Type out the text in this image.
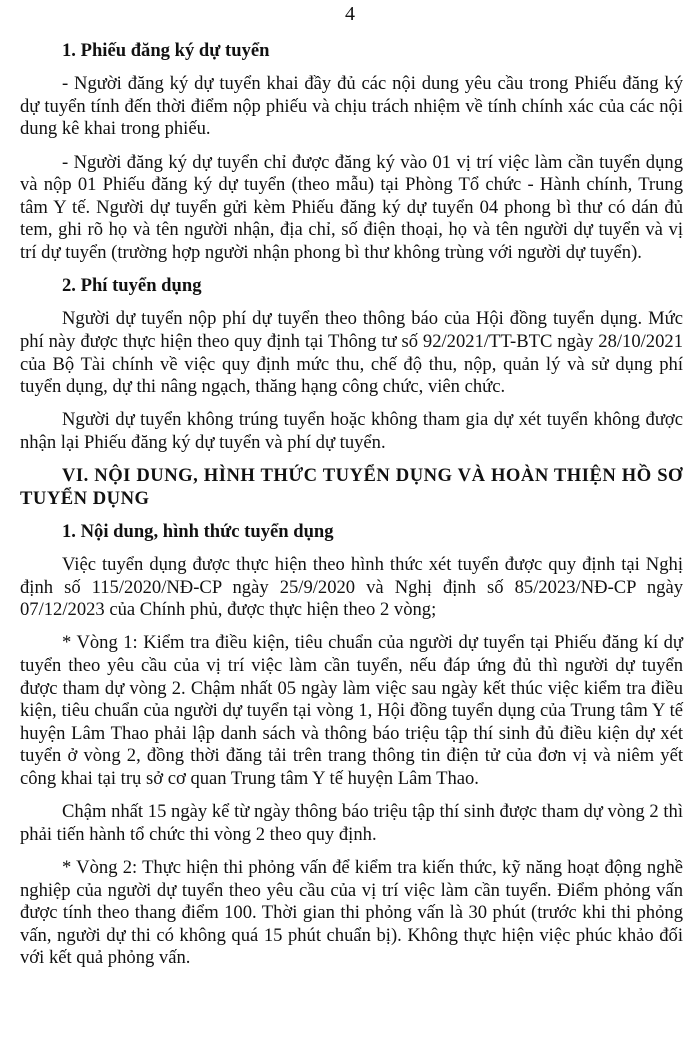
4
1. Phiếu đăng ký dự tuyển

- Người đăng ký dự tuyển khai đầy đủ các nội dung yêu cầu trong Phiếu đăng ký dự tuyển tính đến thời điểm nộp phiếu và chịu trách nhiệm về tính chính xác của các nội dung kê khai trong phiếu.

- Người đăng ký dự tuyển chỉ được đăng ký vào 01 vị trí việc làm cần tuyển dụng và nộp 01 Phiếu đăng ký dự tuyển (theo mẫu) tại Phòng Tổ chức - Hành chính, Trung tâm Y tế. Người dự tuyển gửi kèm Phiếu đăng ký dự tuyển 04 phong bì thư có dán đủ tem, ghi rõ họ và tên người nhận, địa chỉ, số điện thoại, họ và tên người dự tuyển và vị trí dự tuyển (trường hợp người nhận phong bì thư không trùng với người dự tuyển).

2. Phí tuyển dụng

Người dự tuyển nộp phí dự tuyển theo thông báo của Hội đồng tuyển dụng. Mức phí này được thực hiện theo quy định tại Thông tư số 92/2021/TT-BTC ngày 28/10/2021 của Bộ Tài chính về việc quy định mức thu, chế độ thu, nộp, quản lý và sử dụng phí tuyển dụng, dự thi nâng ngạch, thăng hạng công chức, viên chức.

Người dự tuyển không trúng tuyển hoặc không tham gia dự xét tuyển không được nhận lại Phiếu đăng ký dự tuyển và phí dự tuyển.

VI. NỘI DUNG, HÌNH THỨC TUYỂN DỤNG VÀ HOÀN THIỆN HỒ SƠ TUYỂN DỤNG
1. Nội dung, hình thức tuyển dụng

Việc tuyển dụng được thực hiện theo hình thức xét tuyển được quy định tại Nghị định số 115/2020/NĐ-CP ngày 25/9/2020 và Nghị định số 85/2023/NĐ-CP ngày 07/12/2023 của Chính phủ, được thực hiện theo 2 vòng;

* Vòng 1: Kiểm tra điều kiện, tiêu chuẩn của người dự tuyển tại Phiếu đăng kí dự tuyển theo yêu cầu của vị trí việc làm cần tuyển, nếu đáp ứng đủ thì người dự tuyển được tham dự vòng 2. Chậm nhất 05 ngày làm việc sau ngày kết thúc việc kiểm tra điều kiện, tiêu chuẩn của người dự tuyển tại vòng 1, Hội đồng tuyển dụng của Trung tâm Y tế huyện Lâm Thao phải lập danh sách và thông báo triệu tập thí sinh đủ điều kiện dự xét tuyển ở vòng 2, đồng thời đăng tải trên trang thông tin điện tử của đơn vị và niêm yết công khai tại trụ sở cơ quan Trung tâm Y tế huyện Lâm Thao.

Chậm nhất 15 ngày kể từ ngày thông báo triệu tập thí sinh được tham dự vòng 2 thì phải tiến hành tổ chức thi vòng 2 theo quy định.

* Vòng 2: Thực hiện thi phỏng vấn để kiểm tra kiến thức, kỹ năng hoạt động nghề nghiệp của người dự tuyển theo yêu cầu của vị trí việc làm cần tuyển. Điểm phỏng vấn được tính theo thang điểm 100. Thời gian thi phỏng vấn là 30 phút (trước khi thi phỏng vấn, người dự thi có không quá 15 phút chuẩn bị). Không thực hiện việc phúc khảo đối với kết quả phỏng vấn.
